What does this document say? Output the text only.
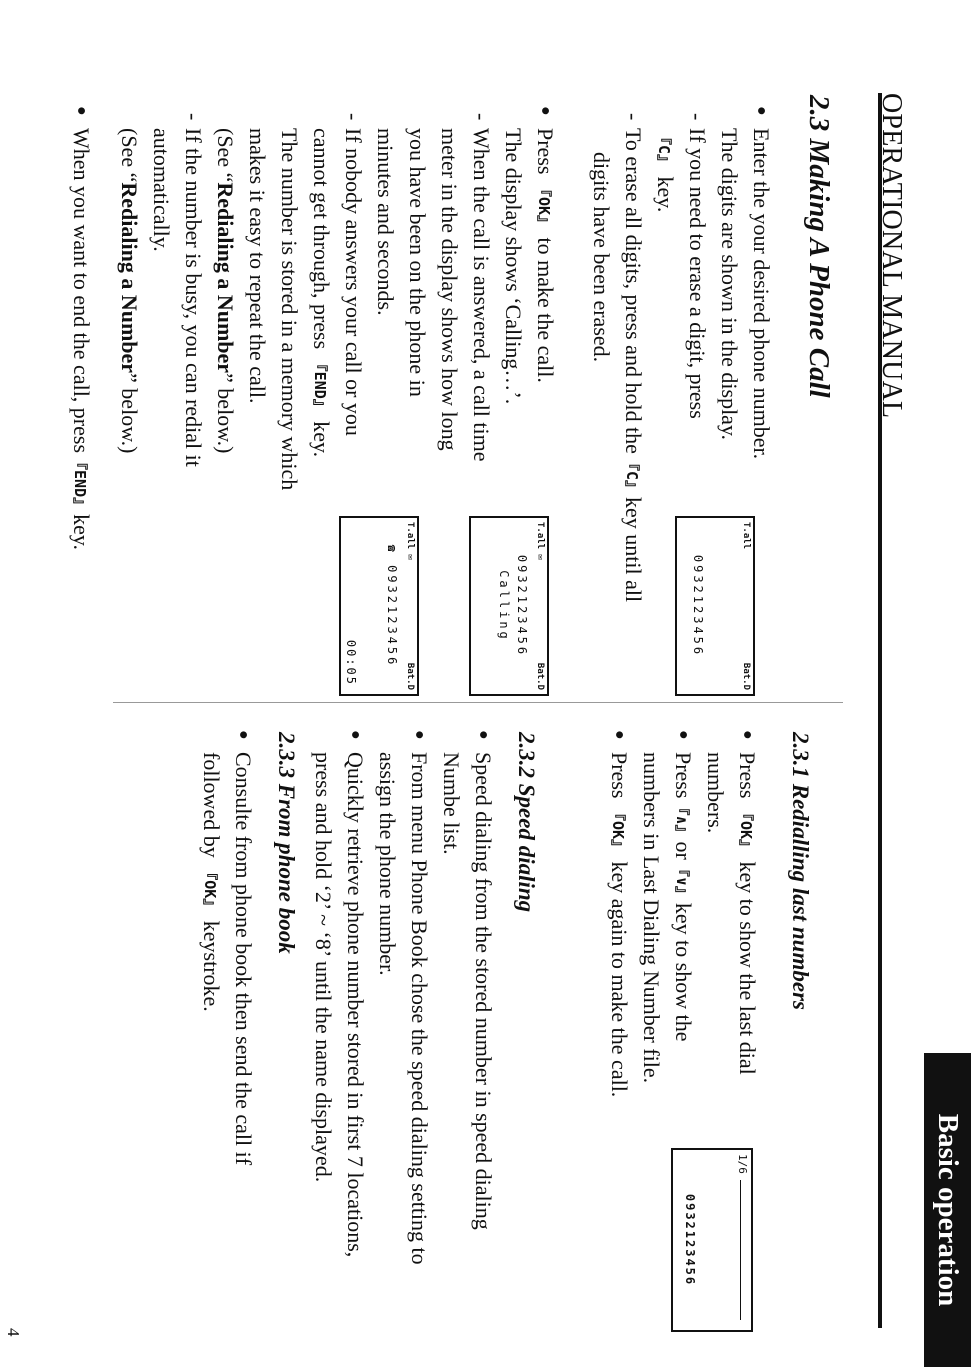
4
Basic operation
OPERATIONAL MANUAL
2.3 Making A Phone Call
● Enter the your desired phone number.
The digits are shown in the display.
- If you need to erase a digit, press
『C』 key.
- To erase all digits, press and hold the『C』key until all
digits have been erased.
● Press 『OK』 to make the call.
The display shows ‘Calling…’.
- When the call is answered, a call time
meter in the display shows how long
you have been on the phone in
minutes and seconds.
- If nobody answers your call or you
cannot get through, press 『END』 key.
The number is stored in a memory which
makes it easy to repeat the call.
(See “Redialing a Number” below.)
- If the number is busy, you can redial it
automatically.
(See “Redialing a Number” below.)
● When you want to end the call, press『END』key.	T.all
Bat.D
0932123456
T.all ✉
Bat.D
0932123456
Calling
T.all ✉
Bat.D
☎ 0932123456
00:05
2.3.1 Redialling last numbers
● Press 『OK』 key to show the last dial
numbers.
● Press『∧』or『∨』key to show the
numbers in Last Dialing Number file.
● Press 『OK』 key again to make the call.
1/6
0932123456
2.3.2 Speed dialing
● Speed dialing from the stored number in speed dialing
Numbe list.
● From menu Phone Book chose the speed dialing setting to
assign the phone number.
● Quickly retrieve phone number stored in first 7 locations,
press and hold ‘2’ ~ ‘8’ until the name displayed.
2.3.3 From phone book
● Consulte from phone book then send the call if
followed by 『OK』 keystroke.
